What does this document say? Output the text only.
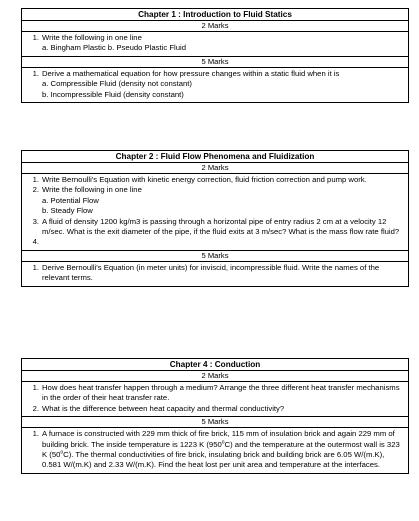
Chapter 1 : Introduction to Fluid Statics
2 Marks
1. Write the following in one line
a. Bingham Plastic b. Pseudo Plastic Fluid
5 Marks
1. Derive a mathematical equation for how pressure changes within a static fluid when it is
a. Compressible Fluid (density not constant)
b. Incompressible Fluid (density constant)
Chapter 2 : Fluid Flow Phenomena and Fluidization
2 Marks
1. Write Bernoulli's Equation with kinetic energy correction, fluid friction correction and pump work.
2. Write the following in one line
a. Potential Flow
b. Steady Flow
3. A fluid of density 1200 kg/m3 is passing through a horizontal pipe of entry radius 2 cm at a velocity 12 m/sec. What is the exit diameter of the pipe, if the fluid exits at 3 m/sec? What is the mass flow rate fluid?
4.
5 Marks
1. Derive Bernoulli's Equation (in meter units) for inviscid, incompressible fluid. Write the names of the relevant terms.
Chapter 4 : Conduction
2 Marks
1. How does heat transfer happen through a medium? Arrange the three different heat transfer mechanisms in the order of their heat transfer rate.
2. What is the difference between heat capacity and thermal conductivity?
5 Marks
1. A furnace is constructed with 229 mm thick of fire brick, 115 mm of insulation brick and again 229 mm of building brick. The inside temperature is 1223 K (950$^o$C) and the temperature at the outermost wall is 323 K (50$^o$C). The thermal conductivities of fire brick, insulating brick and building brick are 6.05 W/(m.K), 0.581 W/(m.K) and 2.33 W/(m.K). Find the heat lost per unit area and temperature at the interfaces.
